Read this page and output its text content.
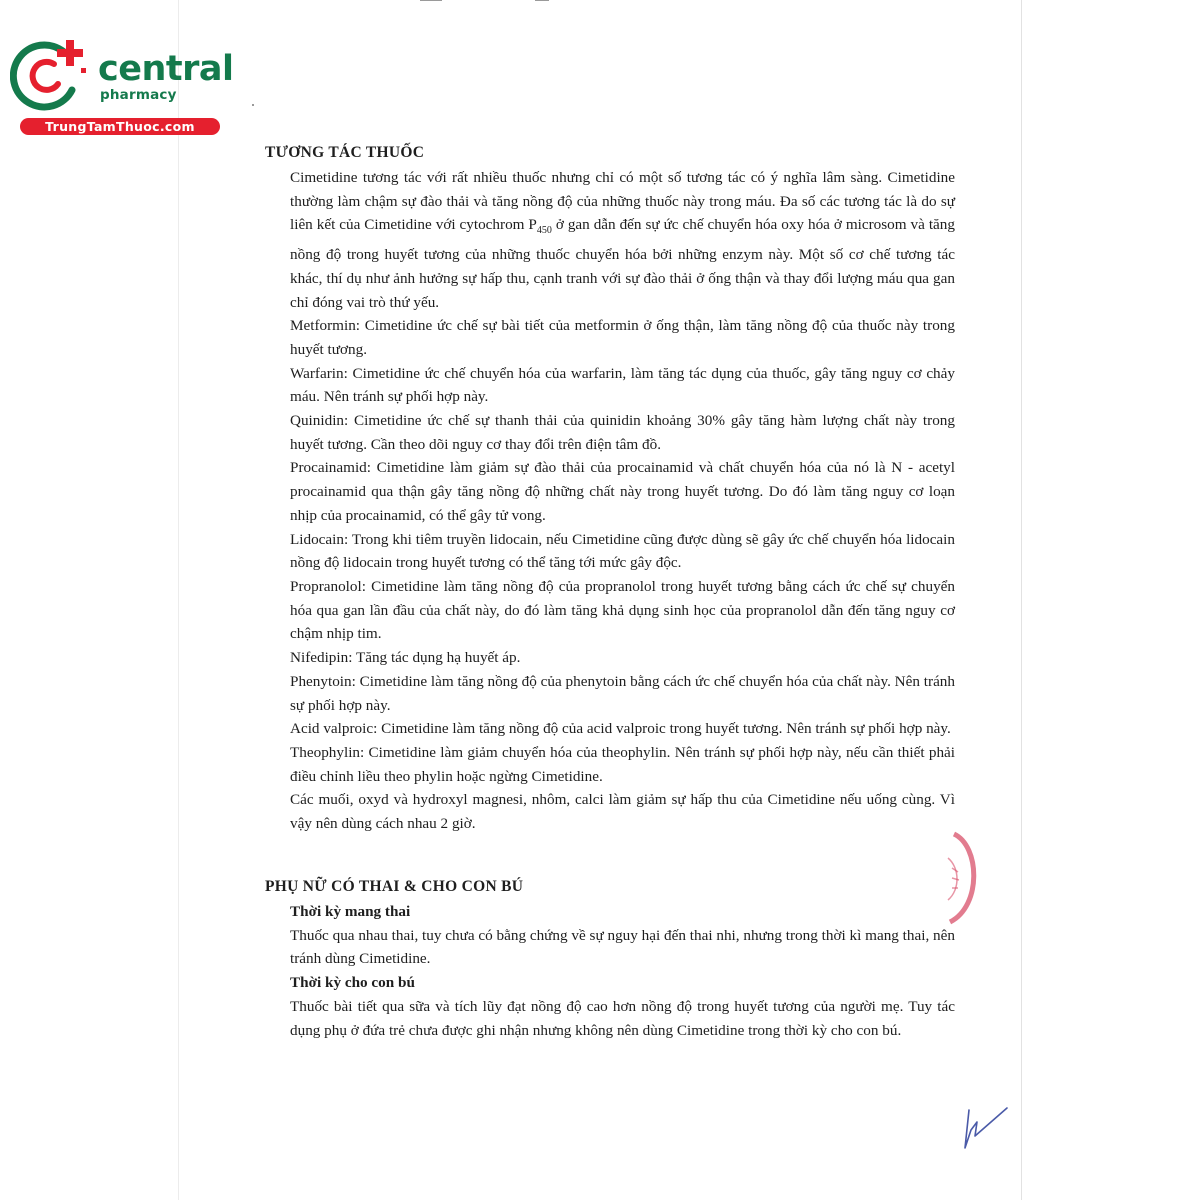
central

pharmacy
TrungTamThuoc.com
TƯƠNG TÁC THUỐC

Cimetidine tương tác với rất nhiều thuốc nhưng chỉ có một số tương tác có ý nghĩa lâm sàng. Cimetidine thường làm chậm sự đào thải và tăng nồng độ của những thuốc này trong máu. Đa số các tương tác là do sự liên kết của Cimetidine với cytochrom $P_{450}$ ở gan dẫn đến sự ức chế chuyển hóa oxy hóa ở microsom và tăng nồng độ trong huyết tương của những thuốc chuyển hóa bởi những enzym này. Một số cơ chế tương tác khác, thí dụ như ảnh hưởng sự hấp thu, cạnh tranh với sự đào thải ở ống thận và thay đổi lượng máu qua gan chỉ đóng vai trò thứ yếu.

Metformin: Cimetidine ức chế sự bài tiết của metformin ở ống thận, làm tăng nồng độ của thuốc này trong huyết tương.

Warfarin: Cimetidine ức chế chuyển hóa của warfarin, làm tăng tác dụng của thuốc, gây tăng nguy cơ chảy máu. Nên tránh sự phối hợp này.

Quinidin: Cimetidine ức chế sự thanh thải của quinidin khoảng 30% gây tăng hàm lượng chất này trong huyết tương. Cần theo dõi nguy cơ thay đổi trên điện tâm đồ.

Procainamid: Cimetidine làm giảm sự đào thải của procainamid và chất chuyển hóa của nó là N - acetyl procainamid qua thận gây tăng nồng độ những chất này trong huyết tương. Do đó làm tăng nguy cơ loạn nhịp của procainamid, có thể gây tử vong.

Lidocain: Trong khi tiêm truyền lidocain, nếu Cimetidine cũng được dùng sẽ gây ức chế chuyển hóa lidocain nồng độ lidocain trong huyết tương có thể tăng tới mức gây độc.

Propranolol: Cimetidine làm tăng nồng độ của propranolol trong huyết tương bằng cách ức chế sự chuyển hóa qua gan lần đầu của chất này, do đó làm tăng khả dụng sinh học của propranolol dẫn đến tăng nguy cơ chậm nhịp tim.

Nifedipin: Tăng tác dụng hạ huyết áp.

Phenytoin: Cimetidine làm tăng nồng độ của phenytoin bằng cách ức chế chuyển hóa của chất này. Nên tránh sự phối hợp này.

Acid valproic: Cimetidine làm tăng nồng độ của acid valproic trong huyết tương. Nên tránh sự phối hợp này.

Theophylin: Cimetidine làm giảm chuyển hóa của theophylin. Nên tránh sự phối hợp này, nếu cần thiết phải điều chỉnh liều theo phylin hoặc ngừng Cimetidine.

Các muối, oxyd và hydroxyl magnesi, nhôm, calci làm giảm sự hấp thu của Cimetidine nếu uống cùng. Vì vậy nên dùng cách nhau 2 giờ.

PHỤ NỮ CÓ THAI & CHO CON BÚ

Thời kỳ mang thai

Thuốc qua nhau thai, tuy chưa có bằng chứng về sự nguy hại đến thai nhi, nhưng trong thời kì mang thai, nên tránh dùng Cimetidine.

Thời kỳ cho con bú

Thuốc bài tiết qua sữa và tích lũy đạt nồng độ cao hơn nồng độ trong huyết tương của người mẹ. Tuy tác dụng phụ ở đứa trẻ chưa được ghi nhận nhưng không nên dùng Cimetidine trong thời kỳ cho con bú.
